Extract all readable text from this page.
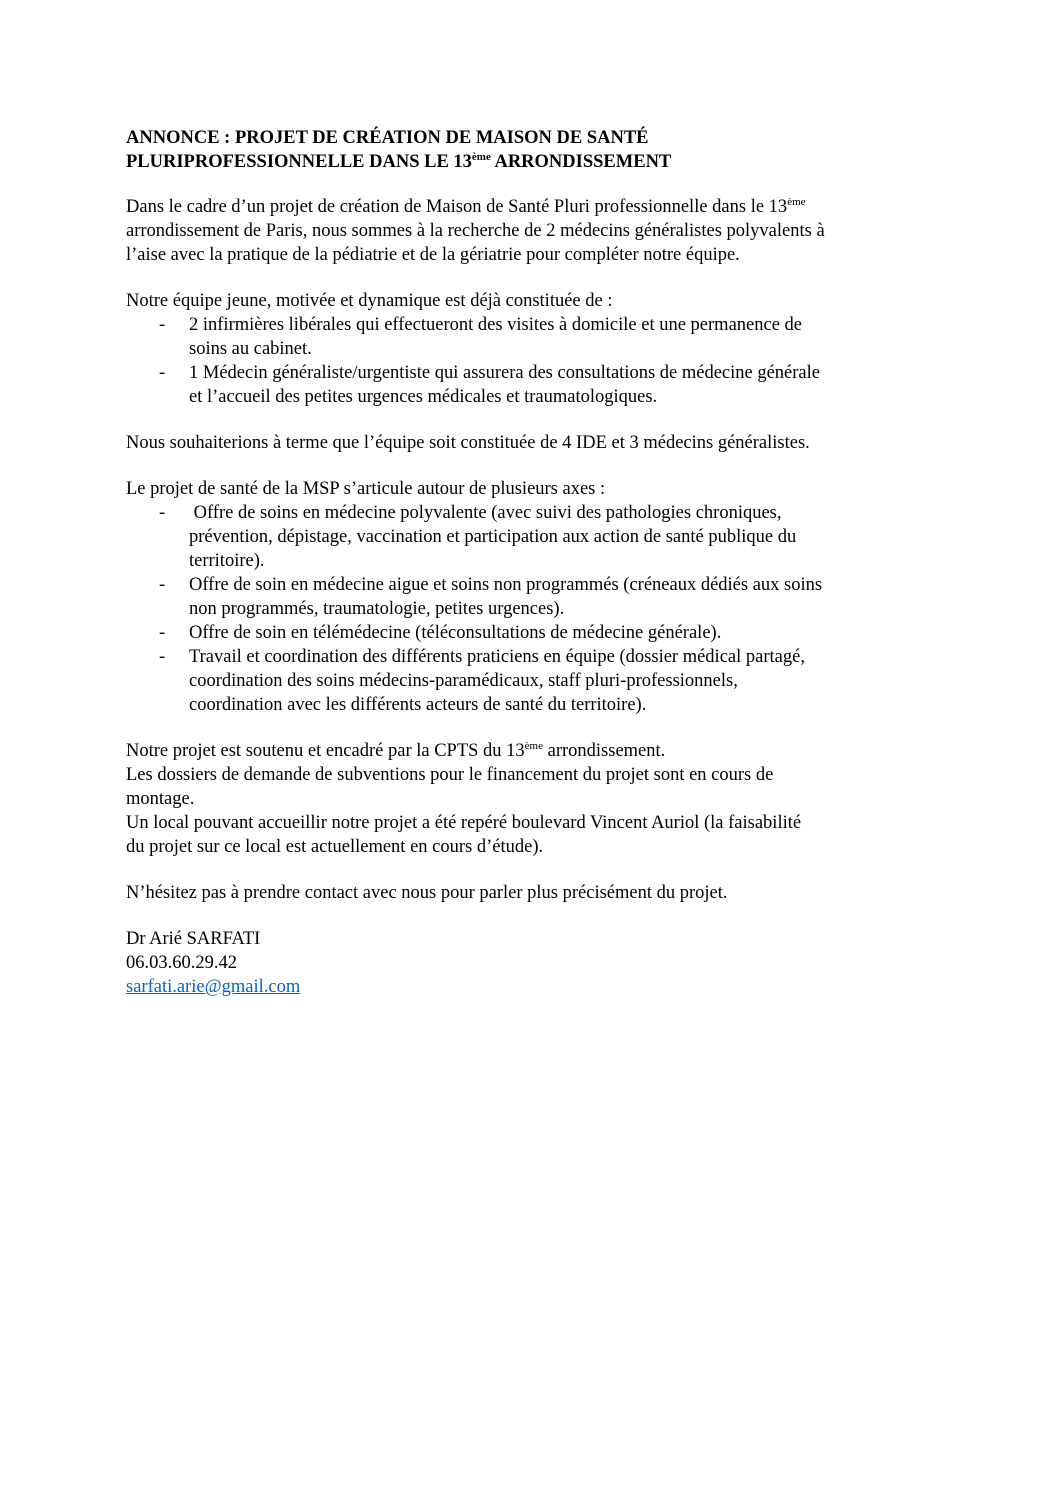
ANNONCE : PROJET DE CRÉATION DE MAISON DE SANTÉ
PLURIPROFESSIONNELLE DANS LE 13ème ARRONDISSEMENT
Dans le cadre d’un projet de création de Maison de Santé Pluri professionnelle dans le 13ème
arrondissement de Paris, nous sommes à la recherche de 2 médecins généralistes polyvalents à
l’aise avec la pratique de la pédiatrie et de la gériatrie pour compléter notre équipe.
Notre équipe jeune, motivée et dynamique est déjà constituée de :
- 2 infirmières libérales qui effectueront des visites à domicile et une permanence de
soins au cabinet.
- 1 Médecin généraliste/urgentiste qui assurera des consultations de médecine générale
et l’accueil des petites urgences médicales et traumatologiques.
Nous souhaiterions à terme que l’équipe soit constituée de 4 IDE et 3 médecins généralistes.
Le projet de santé de la MSP s’articule autour de plusieurs axes :
- Offre de soins en médecine polyvalente (avec suivi des pathologies chroniques,
prévention, dépistage, vaccination et participation aux action de santé publique du
territoire).
- Offre de soin en médecine aigue et soins non programmés (créneaux dédiés aux soins
non programmés, traumatologie, petites urgences).
- Offre de soin en télémédecine (téléconsultations de médecine générale).
- Travail et coordination des différents praticiens en équipe (dossier médical partagé,
coordination des soins médecins-paramédicaux, staff pluri-professionnels,
coordination avec les différents acteurs de santé du territoire).
Notre projet est soutenu et encadré par la CPTS du 13ème arrondissement.
Les dossiers de demande de subventions pour le financement du projet sont en cours de
montage.
Un local pouvant accueillir notre projet a été repéré boulevard Vincent Auriol (la faisabilité
du projet sur ce local est actuellement en cours d’étude).
N’hésitez pas à prendre contact avec nous pour parler plus précisément du projet.
Dr Arié SARFATI
06.03.60.29.42
sarfati.arie@gmail.com
